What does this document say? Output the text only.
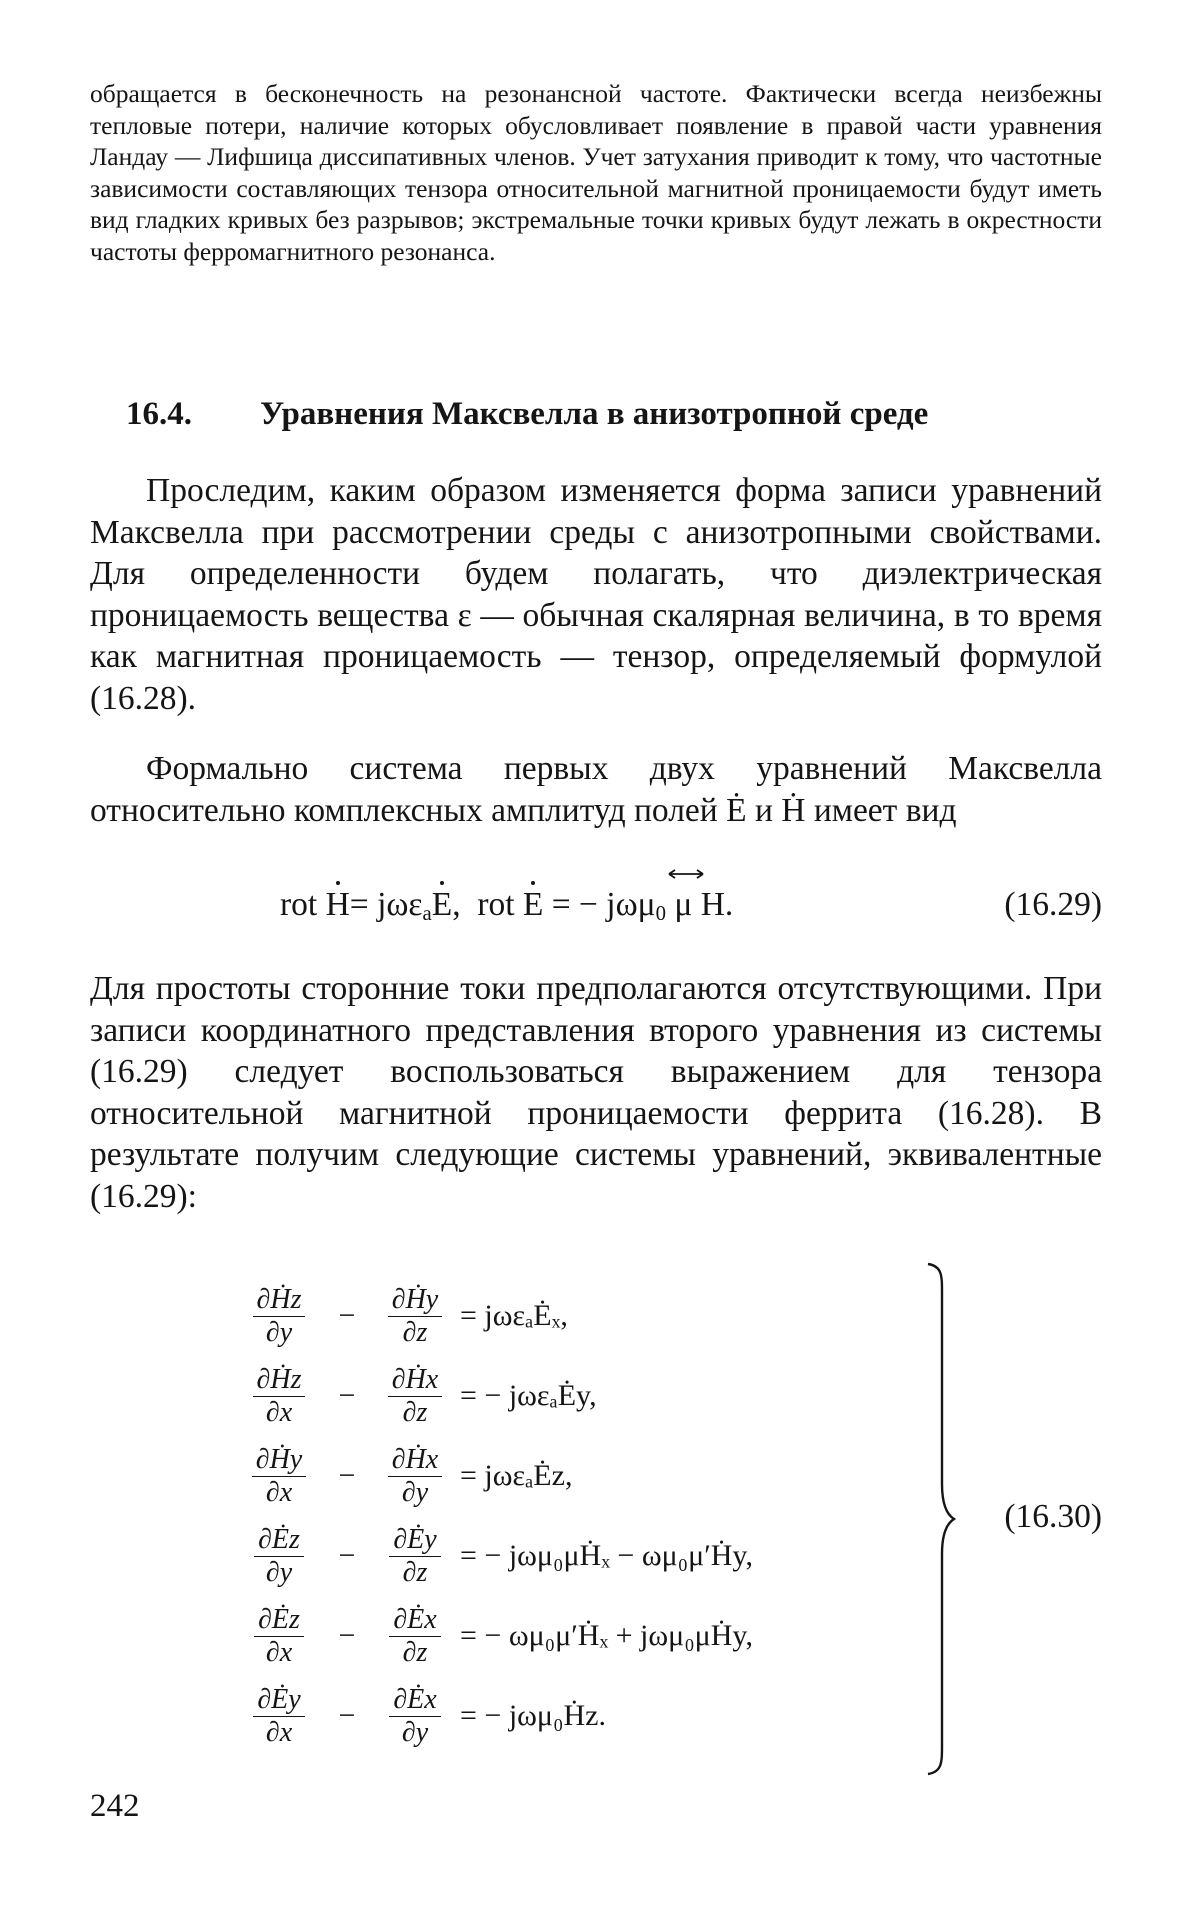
обращается в бесконечность на резонансной частоте. Фактически всегда неизбежны тепловые потери, наличие которых обусловливает появление в правой части уравнения Ландау — Лифшица диссипативных членов. Учет затухания приводит к тому, что частотные зависимости составляющих тензора относительной магнитной проницаемости будут иметь вид гладких кривых без разрывов; экстремальные точки кривых будут лежать в окрестности частоты ферромагнитного резонанса.

16.4. Уравнения Максвелла в анизотропной среде

Проследим, каким образом изменяется форма записи уравнений Максвелла при рассмотрении среды с анизотропными свойствами. Для определенности будем полагать, что диэлектрическая проницаемость вещества ε — обычная скалярная величина, в то время как магнитная проницаемость — тензор, определяемый формулой (16.28).

Формально система первых двух уравнений Максвелла относительно комплексных амплитуд полей Ė и Ḣ имеет вид

rot H= jωε$_a$E,  rot E = − jωμ$_0$ μ H.	(16.29)

Для простоты сторонние токи предполагаются отсутствующими. При записи координатного представления второго уравнения из системы (16.29) следует воспользоваться выражением для тензора относительной магнитной проницаемости феррита (16.28). В результате получим следующие системы уравнений, эквивалентные (16.29):

$\frac{\text{∂Ḣz}}{\partial y} - \frac{\text{∂Ḣy}}{\partial z}$ = jωεₐĖₓ,
$\frac{\text{∂Ḣz}}{\partial x} - \frac{\text{∂Ḣx}}{\partial z}$ = − jωεₐĖy,
$\frac{\text{∂Ḣy}}{\partial x} - \frac{\text{∂Ḣx}}{\partial y}$ = jωεₐĖz,
$\frac{\partial Ėz}{\partial y} - \frac{\partial Ėy}{\partial z}$ = − jωμ₀μḢₓ − ωμ₀μ′Ḣy,
$\frac{\partial Ėz}{\partial x} - \frac{\partial Ėx}{\partial z}$ = − ωμ₀μ′Ḣₓ + jωμ₀μḢy,
$\frac{\partial Ėy}{\partial x} - \frac{\partial Ėx}{\partial y}$ = − jωμ₀Ḣz.
(16.30)
242
